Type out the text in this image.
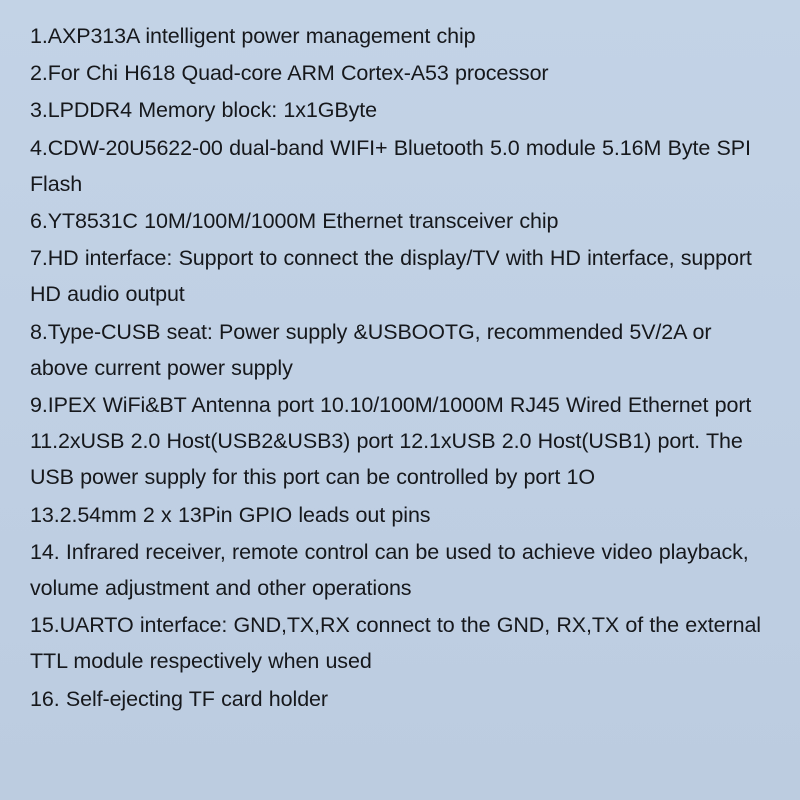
1.AXP313A intelligent power management chip
2.For Chi H618 Quad-core ARM Cortex-A53 processor
3.LPDDR4 Memory block: 1x1GByte
4.CDW-20U5622-00 dual-band WIFI+ Bluetooth 5.0 module 5.16M Byte SPI Flash
6.YT8531C 10M/100M/1000M Ethernet transceiver chip
7.HD interface: Support to connect the display/TV with HD interface, support HD audio output
8.Type-CUSB seat: Power supply &USBOOTG, recommended 5V/2A or above current power supply
9.IPEX WiFi&BT Antenna port 10.10/100M/1000M RJ45 Wired Ethernet port 11.2xUSB 2.0 Host(USB2&USB3) port 12.1xUSB 2.0 Host(USB1) port. The USB power supply for this port can be controlled by port 1O
13.2.54mm 2 x 13Pin GPIO leads out pins
14. Infrared receiver, remote control can be used to achieve video playback, volume adjustment and other operations
15.UARTO interface: GND,TX,RX connect to the GND, RX,TX of the external TTL module respectively when used
16. Self-ejecting TF card holder
